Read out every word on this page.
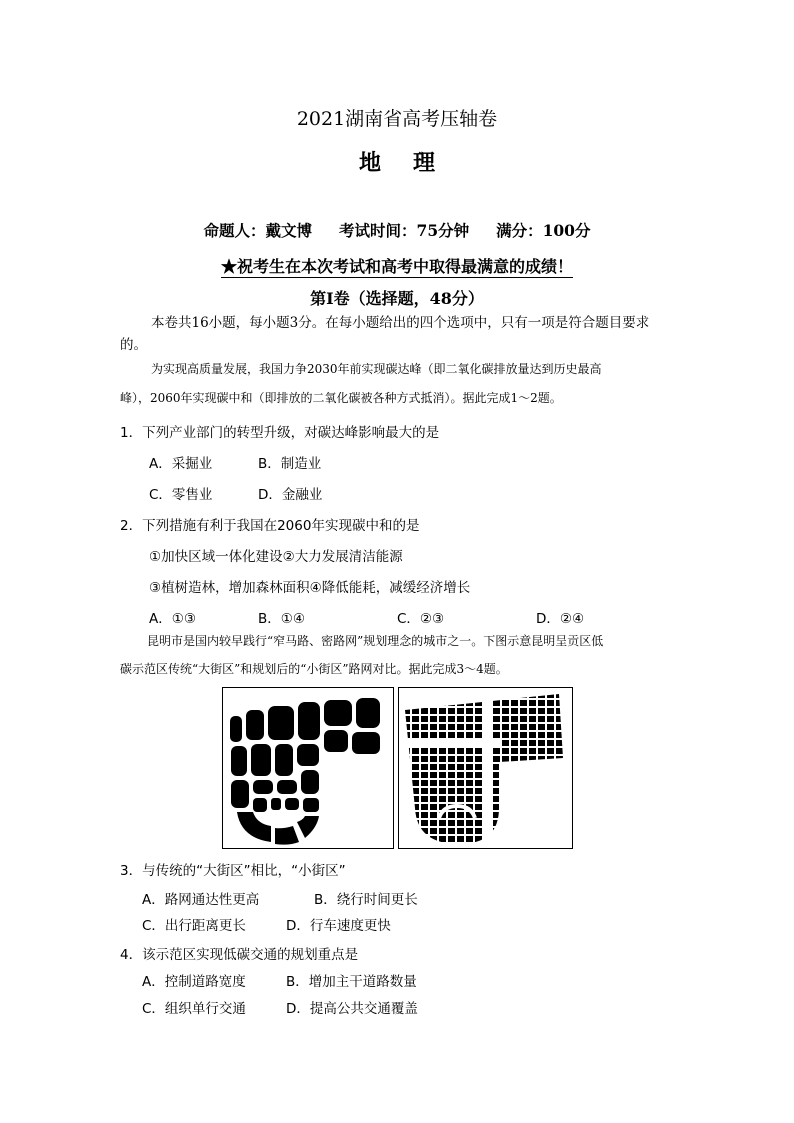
2021湖南省高考压轴卷
地理
命题人：戴文博 考试时间：75分钟 满分：100分
★祝考生在本次考试和高考中取得最满意的成绩！
第Ⅰ卷（选择题，48分）
本卷共16小题，每小题3分。在每小题给出的四个选项中，只有一项是符合题目要求
的。
为实现高质量发展，我国力争2030年前实现碳达峰（即二氧化碳排放量达到历史最高
峰），2060年实现碳中和（即排放的二氧化碳被各种方式抵消）。据此完成1～2题。
1．下列产业部门的转型升级，对碳达峰影响最大的是
A．采掘业	B．制造业
C．零售业	D．金融业
2．下列措施有利于我国在2060年实现碳中和的是
①加快区域一体化建设②大力发展清洁能源
③植树造林，增加森林面积④降低能耗，减缓经济增长
A．①③	B．①④	C．②③	D．②④
昆明市是国内较早践行“窄马路、密路网”规划理念的城市之一。下图示意昆明呈贡区低
碳示范区传统“大街区”和规划后的“小街区”路网对比。据此完成3～4题。
3．与传统的“大街区”相比，“小街区”
A．路网通达性更高	B．绕行时间更长
C．出行距离更长	D．行车速度更快
4．该示范区实现低碳交通的规划重点是
A．控制道路宽度	B．增加主干道路数量
C．组织单行交通	D．提高公共交通覆盖
